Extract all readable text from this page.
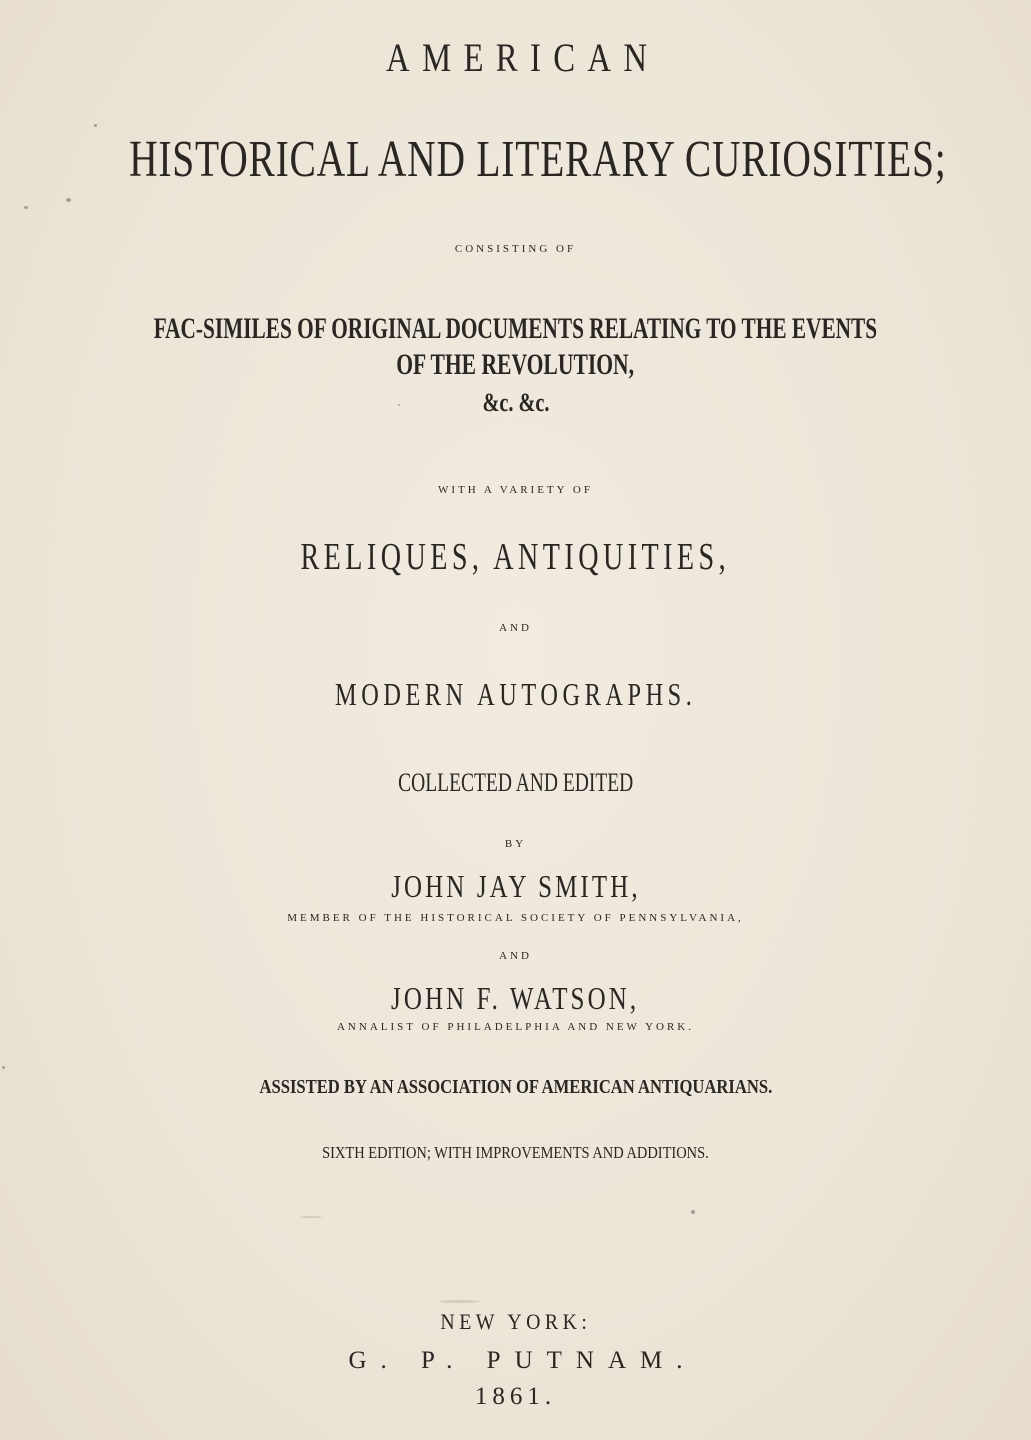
AMERICAN
HISTORICAL AND LITERARY CURIOSITIES;
CONSISTING OF
FAC-SIMILES OF ORIGINAL DOCUMENTS RELATING TO THE EVENTS
OF THE REVOLUTION,
&c. &c.
WITH A VARIETY OF
RELIQUES, ANTIQUITIES,
AND
MODERN AUTOGRAPHS.
COLLECTED AND EDITED
BY
JOHN JAY SMITH,
MEMBER OF THE HISTORICAL SOCIETY OF PENNSYLVANIA,
AND
JOHN F. WATSON,
ANNALIST OF PHILADELPHIA AND NEW YORK.
ASSISTED BY AN ASSOCIATION OF AMERICAN ANTIQUARIANS.
SIXTH EDITION; WITH IMPROVEMENTS AND ADDITIONS.
NEW YORK:
G. P. PUTNAM.
1861.
